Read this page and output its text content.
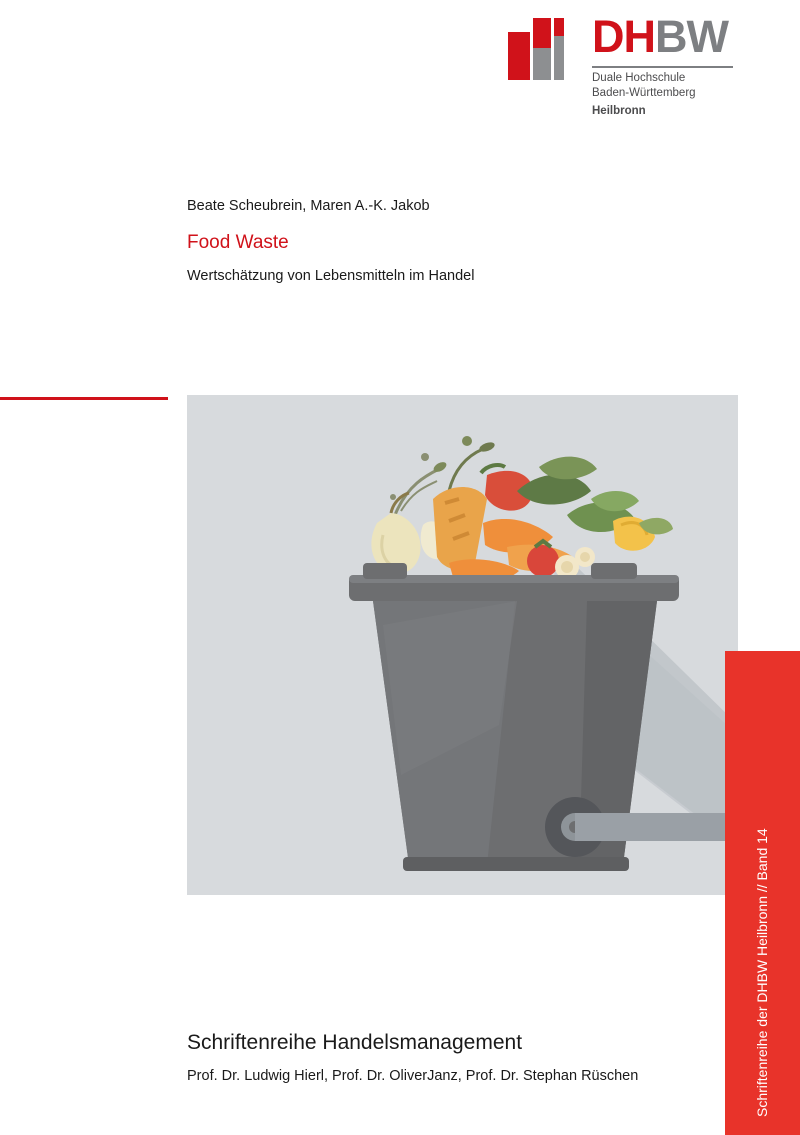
DHBW
Duale Hochschule
Baden-Württemberg
Heilbronn
Beate Scheubrein, Maren A.-K. Jakob
Food Waste
Wertschätzung von Lebensmitteln im Handel
Schriftenreihe der DHBW Heilbronn // Band 14
Schriftenreihe Handelsmanagement
Prof. Dr. Ludwig Hierl, Prof. Dr. OliverJanz, Prof. Dr. Stephan Rüschen
